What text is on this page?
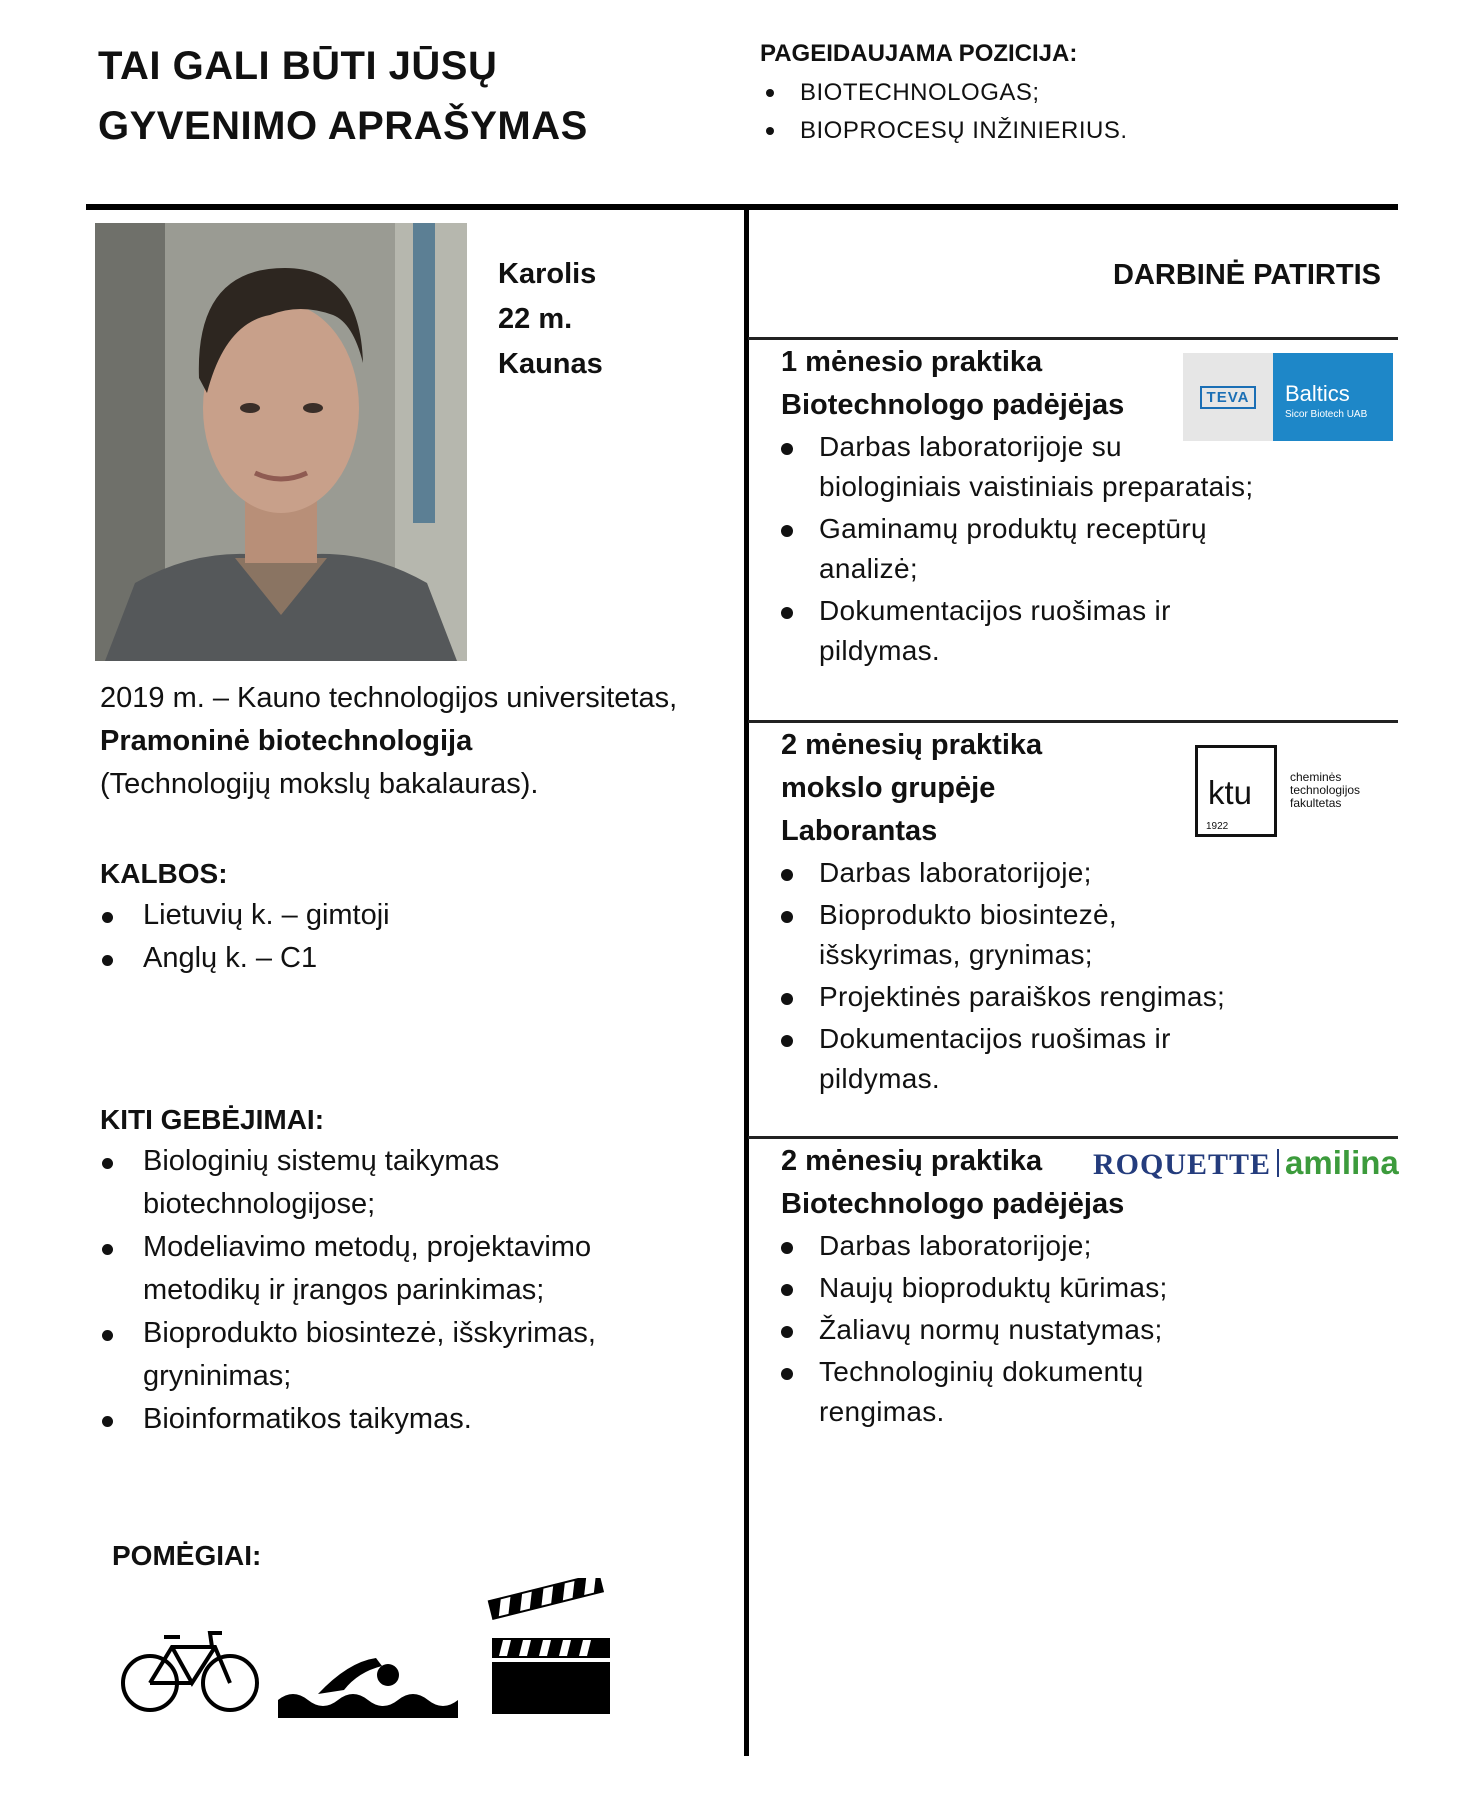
TAI GALI BŪTI JŪSŲ
GYVENIMO APRAŠYMAS
PAGEIDAUJAMA POZICIJA:
BIOTECHNOLOGAS;
BIOPROCESŲ INŽINIERIUS.
Karolis
22 m.
Kaunas
2019 m. – Kauno technologijos universitetas,
Pramoninė biotechnologija
(Technologijų mokslų bakalauras).
KALBOS:
Lietuvių k. – gimtoji
Anglų k. – C1
KITI GEBĖJIMAI:
Biologinių sistemų taikymas
biotechnologijose;
Modeliavimo metodų, projektavimo
metodikų ir įrangos parinkimas;
Bioprodukto biosintezė, išskyrimas,
gryninimas;
Bioinformatikos taikymas.
POMĖGIAI:
DARBINĖ PATIRTIS
1 mėnesio praktika
Biotechnologo padėjėjas
Darbas laboratorijoje su
biologiniais vaistiniais preparatais;
Gaminamų produktų receptūrų
analizė;
Dokumentacijos ruošimas ir
pildymas.
TEVA	Baltics
Sicor Biotech UAB
2 mėnesių praktika
mokslo grupėje
Laborantas
Darbas laboratorijoje;
Bioprodukto biosintezė,
išskyrimas, grynimas;
Projektinės paraiškos rengimas;
Dokumentacijos ruošimas ir
pildymas.
ktu
1922
cheminės
technologijos
fakultetas
2 mėnesių praktika
Biotechnologo padėjėjas
Darbas laboratorijoje;
Naujų bioproduktų kūrimas;
Žaliavų normų nustatymas;
Technologinių dokumentų
rengimas.
ROQUETTE amilina
